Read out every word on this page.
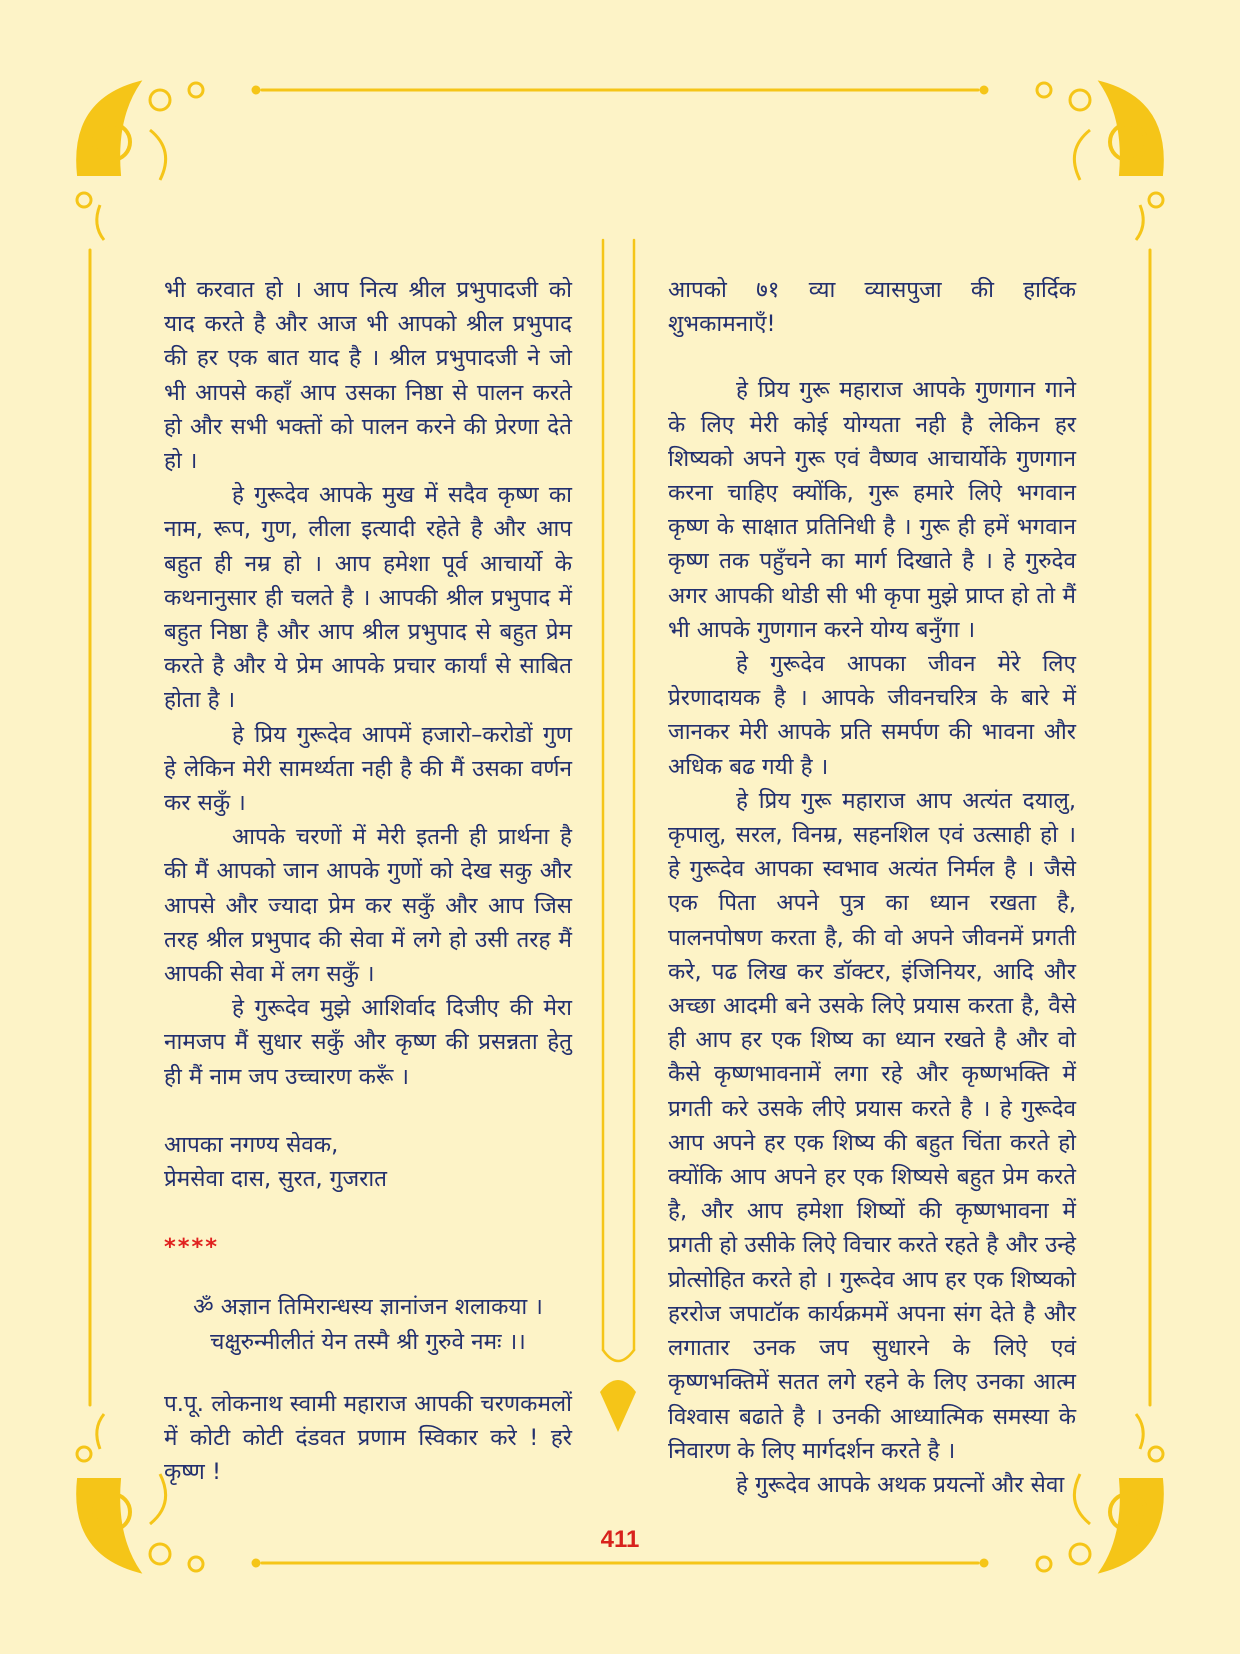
भी करवात हो । आप नित्य श्रील प्रभुपादजी को याद करते है और आज भी आपको श्रील प्रभुपाद की हर एक बात याद है । श्रील प्रभुपादजी ने जो भी आपसे कहाँ आप उसका निष्ठा से पालन करते हो और सभी भक्तों को पालन करने की प्रेरणा देते हो ।

हे गुरूदेव आपके मुख में सदैव कृष्ण का नाम, रूप, गुण, लीला इत्यादी रहेते है और आप बहुत ही नम्र हो । आप हमेशा पूर्व आचार्यो के कथनानुसार ही चलते है । आपकी श्रील प्रभुपाद में बहुत निष्ठा है और आप श्रील प्रभुपाद से बहुत प्रेम करते है और ये प्रेम आपके प्रचार कार्यां से साबित होता है ।

हे प्रिय गुरूदेव आपमें हजारो–करोडों गुण हे लेकिन मेरी सामर्थ्यता नही है की मैं उसका वर्णन कर सकुँ ।

आपके चरणों में मेरी इतनी ही प्रार्थना है की मैं आपको जान आपके गुणों को देख सकु और आपसे और ज्यादा प्रेम कर सकुँ और आप जिस तरह श्रील प्रभुपाद की सेवा में लगे हो उसी तरह मैं आपकी सेवा में लग सकुँ ।

हे गुरूदेव मुझे आशिर्वाद दिजीए की मेरा नामजप मैं सुधार सकुँ और कृष्ण की प्रसन्नता हेतु ही मैं नाम जप उच्चारण करूँ ।

आपका नगण्य सेवक,

प्रेमसेवा दास, सुरत, गुजरात

****

ॐ अज्ञान तिमिरान्धस्य ज्ञानांजन शलाकया ।

चक्षुरुन्मीलीतं येन तस्मै श्री गुरुवे नमः ।।

प.पू. लोकनाथ स्वामी महाराज आपकी चरणकमलों में कोटी कोटी दंडवत प्रणाम स्विकार करे ! हरे कृष्ण !

आपको ७१ व्या व्यासपुजा की हार्दिक शुभकामनाएँ!

हे प्रिय गुरू महाराज आपके गुणगान गाने के लिए मेरी कोई योग्यता नही है लेकिन हर शिष्यको अपने गुरू एवं वैष्णव आचार्योके गुणगान करना चाहिए क्योंकि, गुरू हमारे लिऐ भगवान कृष्ण के साक्षात प्रतिनिधी है । गुरू ही हमें भगवान कृष्ण तक पहुँचने का मार्ग दिखाते है । हे गुरुदेव अगर आपकी थोडी सी भी कृपा मुझे प्राप्त हो तो मैं भी आपके गुणगान करने योग्य बनुँगा ।

हे गुरूदेव आपका जीवन मेरे लिए प्रेरणादायक है । आपके जीवनचरित्र के बारे में जानकर मेरी आपके प्रति समर्पण की भावना और अधिक बढ गयी है ।

हे प्रिय गुरू महाराज आप अत्यंत दयालु, कृपालु, सरल, विनम्र, सहनशिल एवं उत्साही हो । हे गुरूदेव आपका स्वभाव अत्यंत निर्मल है । जैसे एक पिता अपने पुत्र का ध्यान रखता है, पालनपोषण करता है, की वो अपने जीवनमें प्रगती करे, पढ लिख कर डॉक्टर, इंजिनियर, आदि और अच्छा आदमी बने उसके लिऐ प्रयास करता है, वैसे ही आप हर एक शिष्य का ध्यान रखते है और वो कैसे कृष्णभावनामें लगा रहे और कृष्णभक्ति में प्रगती करे उसके लीऐ प्रयास करते है । हे गुरूदेव आप अपने हर एक शिष्य की बहुत चिंता करते हो क्योंकि आप अपने हर एक शिष्यसे बहुत प्रेम करते है, और आप हमेशा शिष्यों की कृष्णभावना में प्रगती हो उसीके लिऐ विचार करते रहते है और उन्हे प्रोत्सोहित करते हो । गुरूदेव आप हर एक शिष्यको हररोज जपाटॉक कार्यक्रममें अपना संग देते है और लगातार उनक जप सुधारने के लिऐ एवं कृष्णभक्तिमें सतत लगे रहने के लिए उनका आत्म विश्वास बढाते है । उनकी आध्यात्मिक समस्या के निवारण के लिए मार्गदर्शन करते है ।

हे गुरूदेव आपके अथक प्रयत्नों और सेवा

411
